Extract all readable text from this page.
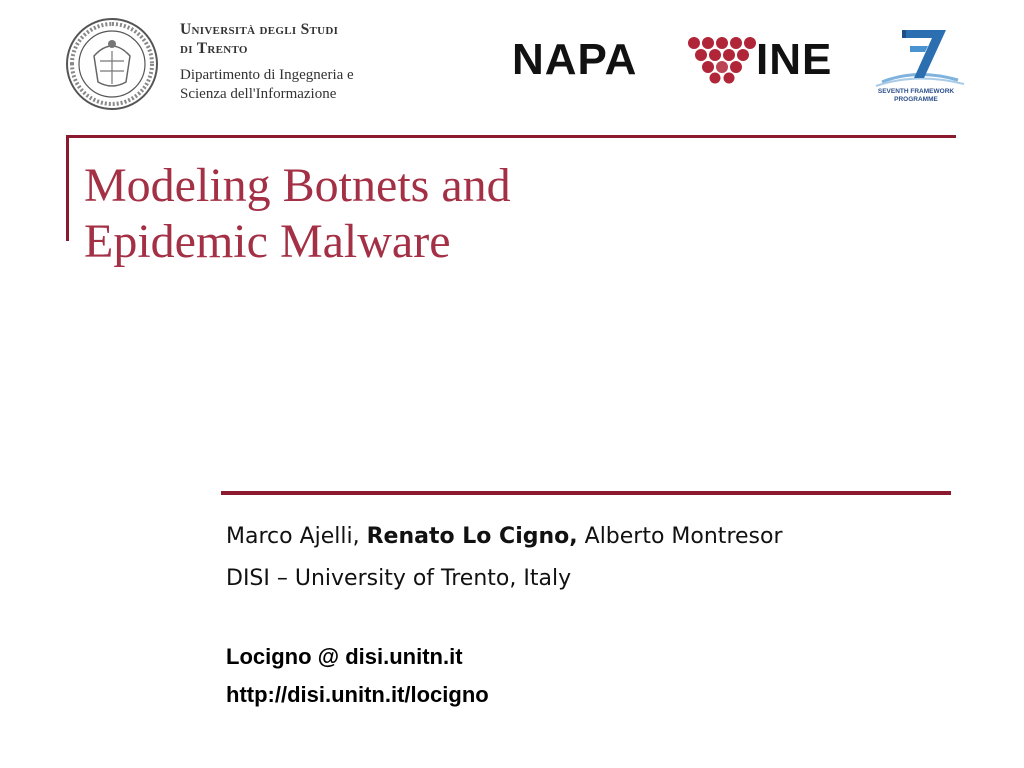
Università degli Studi
di Trento
Dipartimento di Ingegneria e
Scienza dell'Informazione
NAPA	INE
SEVENTH FRAMEWORK
PROGRAMME
Modeling Botnets and
Epidemic Malware
Marco Ajelli, Renato Lo Cigno, Alberto Montresor
DISI – University of Trento, Italy
Locigno @ disi.unitn.it
http://disi.unitn.it/locigno
